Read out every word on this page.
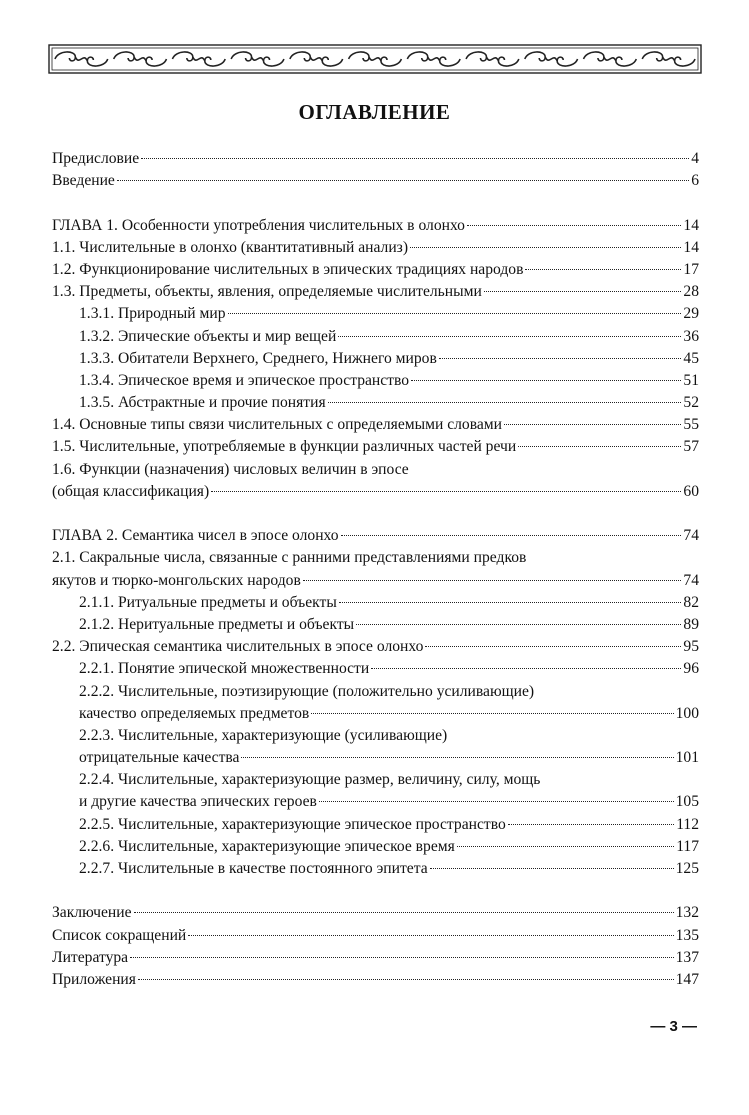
ОГЛАВЛЕНИЕ
Предисловие	4
Введение	6
ГЛАВА 1. Особенности употребления числительных в олонхо	14
1.1. Числительные в олонхо (квантитативный анализ)	14
1.2. Функционирование числительных в эпических традициях народов	17
1.3. Предметы, объекты, явления, определяемые числительными	28
1.3.1. Природный мир	29
1.3.2. Эпические объекты и мир вещей	36
1.3.3. Обитатели Верхнего, Среднего, Нижнего миров	45
1.3.4. Эпическое время и эпическое пространство	51
1.3.5. Абстрактные и прочие понятия	52
1.4. Основные типы связи числительных с определяемыми словами	55
1.5. Числительные, употребляемые в функции различных частей речи	57
1.6. Функции (назначения) числовых величин в эпосе
(общая классификация)	60
ГЛАВА 2. Семантика чисел в эпосе олонхо	74
2.1. Сакральные числа, связанные с ранними представлениями предков
якутов и тюрко-монгольских народов	74
2.1.1. Ритуальные предметы и объекты	82
2.1.2. Неритуальные предметы и объекты	89
2.2. Эпическая семантика числительных в эпосе олонхо	95
2.2.1. Понятие эпической множественности	96
2.2.2. Числительные, поэтизирующие (положительно усиливающие)
качество определяемых предметов	100
2.2.3. Числительные, характеризующие (усиливающие)
отрицательные качества	101
2.2.4. Числительные, характеризующие размер, величину, силу, мощь
и другие качества эпических героев	105
2.2.5. Числительные, характеризующие эпическое пространство	112
2.2.6. Числительные, характеризующие эпическое время	117
2.2.7. Числительные в качестве постоянного эпитета	125
Заключение	132
Список сокращений	135
Литература	137
Приложения	147
— 3 —
